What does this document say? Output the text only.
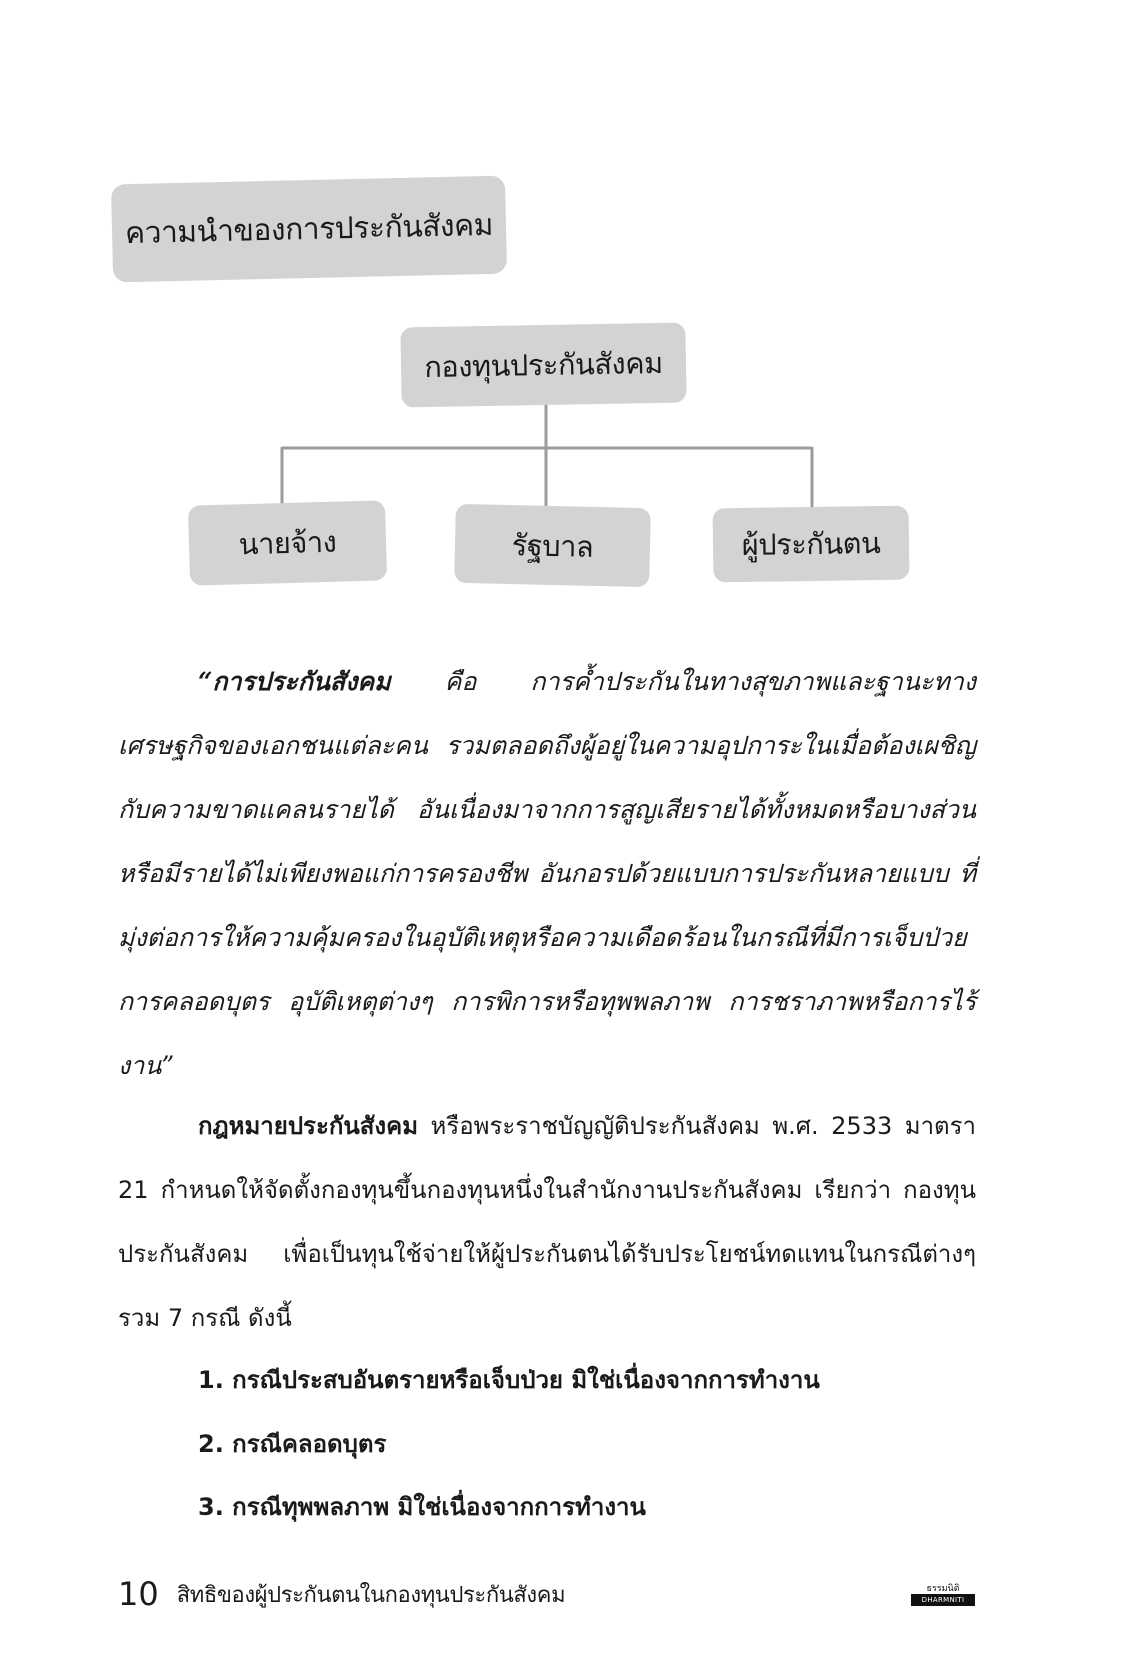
ความนำของการประกันสังคม
กองทุนประกันสังคม
นายจ้าง	รัฐบาล	ผู้ประกันตน

“การประกันสังคม คือ การค้ำประกันในทางสุขภาพและฐานะทางเศรษฐกิจของเอกชนแต่ละคน รวมตลอดถึงผู้อยู่ในความอุปการะในเมื่อต้องเผชิญกับความขาดแคลนรายได้ อันเนื่องมาจากการสูญเสียรายได้ทั้งหมดหรือบางส่วน หรือมีรายได้ไม่เพียงพอแก่การครองชีพ อันกอรปด้วยแบบการประกันหลายแบบ ที่มุ่งต่อการให้ความคุ้มครองในอุบัติเหตุหรือความเดือดร้อนในกรณีที่มีการเจ็บป่วย การคลอดบุตร อุบัติเหตุต่างๆ การพิการหรือทุพพลภาพ การชราภาพหรือการไร้งาน”

กฎหมายประกันสังคม หรือพระราชบัญญัติประกันสังคม พ.ศ. 2533 มาตรา 21 กำหนดให้จัดตั้งกองทุนขึ้นกองทุนหนึ่งในสำนักงานประกันสังคม เรียกว่า กองทุนประกันสังคม เพื่อเป็นทุนใช้จ่ายให้ผู้ประกันตนได้รับประโยชน์ทดแทนในกรณีต่างๆ รวม 7 กรณี ดังนี้

1. กรณีประสบอันตรายหรือเจ็บป่วย มิใช่เนื่องจากการทำงาน
2. กรณีคลอดบุตร
3. กรณีทุพพลภาพ มิใช่เนื่องจากการทำงาน
10 สิทธิของผู้ประกันตนในกองทุนประกันสังคม	ธรรมนิติ
DHARMNITI
